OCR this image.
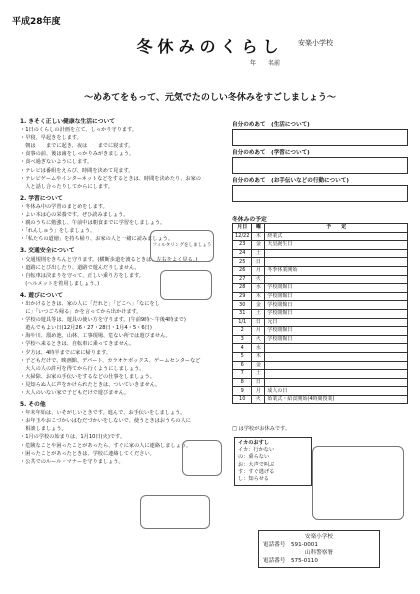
平成28年度
冬休みのくらし	安楽小学校
年　　名前
〜めあてをもって、元気でたのしい冬休みをすごしましょう〜
1. きそく正しい健康な生活について
・1日のくらしの計画を立て、しっかり守ります。
・早寝、早起きをします。
　朝は　　までに起き、夜は　　までに寝ます。
・食事の前、後は歯をしっかりみがきましょう。
・食べ過ぎないようにします。
・テレビは番組をえらび、時間を決めて見ます。
・テレビゲームやインターネットなどをするときは、時間を決めたり、お家の
　人と話し合ったりしてからにします。
2. 学習について
・冬休み中の学習のまとめをします。
・よい本は心の栄養です。ぜひ読みましょう。
・親のうちに勉強し、午前中は朝食までに学習をしましょう。
・「れんしゅう」をしましょう。
・「私たちの道徳」を持ち帰り、お家の人と一緒に読みましょう。
3. 交通安全について
・交通規則をきちんと守ります。(横断歩道を渡るときは、左右をよく見る。)
・道路にとび出したり、道路で遊んだりしません。
・自転車は決まりを守って、正しい乗り方をします。
　(ヘルメットを着用しましょう。)
4. 遊びについて
・出かけるときは、家の人に「だれと」「どこへ」「なにをし
　に」「いつごろ帰る」かを言ってから出かけます。
・学校の遊具等は、遊具の使い方を守ります。(午前9時〜午後4時まで)
　遊んでもよい日(12月26・27・28日・1月4・5・6日)
・海や川、溜め池、山林、工事現場、危ない所では遊びません。
・学校へ来るときは、自転車に乗ってきません。
・夕方は、4時半までに家に帰ります。
・子どもだけで、映画館、デパート、カラオケボックス、ゲームセンターなど
　大人の人の許可を得てから行くようにしましょう。
・大掃除、お家の手伝いをするなどの仕事をしましょう。
・見知らぬ人に声をかけられたときは、ついていきません。
・大人のいない家で子どもだけで遊びません。
5. その他
・年末年始は、いそがしいときです。進んで、お手伝いをしましょう。
・お年玉やおこづかいはむだづかいをしないで、使うときはおうちの人に
　相談しましょう。
・1月の学校の始まりは、1月10日(火)です。
・危険なことや困ったことがあったら、すぐに家の人に連絡しましょう。
・困ったことがあったときは、学校に連絡してください。
・公共でのルール・マナーを守りましょう。
自分のめあて　(生活について)
自分のめあて　(学習について)
自分のめあて　(お手伝いなどの行動について)
フィルタリングをしましょう
冬休みの予定
月日	曜	予　　定
12/22	木	終業式
23	金	天皇誕生日
24	土	
25	日	
26	月	冬季休業開始
27	火	
28	水	学校閉館日
29	木	学校閉館日
30	金	学校閉館日
31	土	学校閉館日
1/1	日	元日
2	月	学校閉館日
3	火	学校閉館日
4	水	
5	木	
6	金	
7	土	
8	日	
9	月	成人の日
10	火	始業式・給食開始(4時間授業)
□ は学校がお休みです。
イカのおすし
イカ：行かない
の：乗らない
お：大声で叫ぶ
す：すぐ逃げる
し：知らせる
安楽小学校
電話番号　591-0001
山科警察署
電話番号　575-0110
